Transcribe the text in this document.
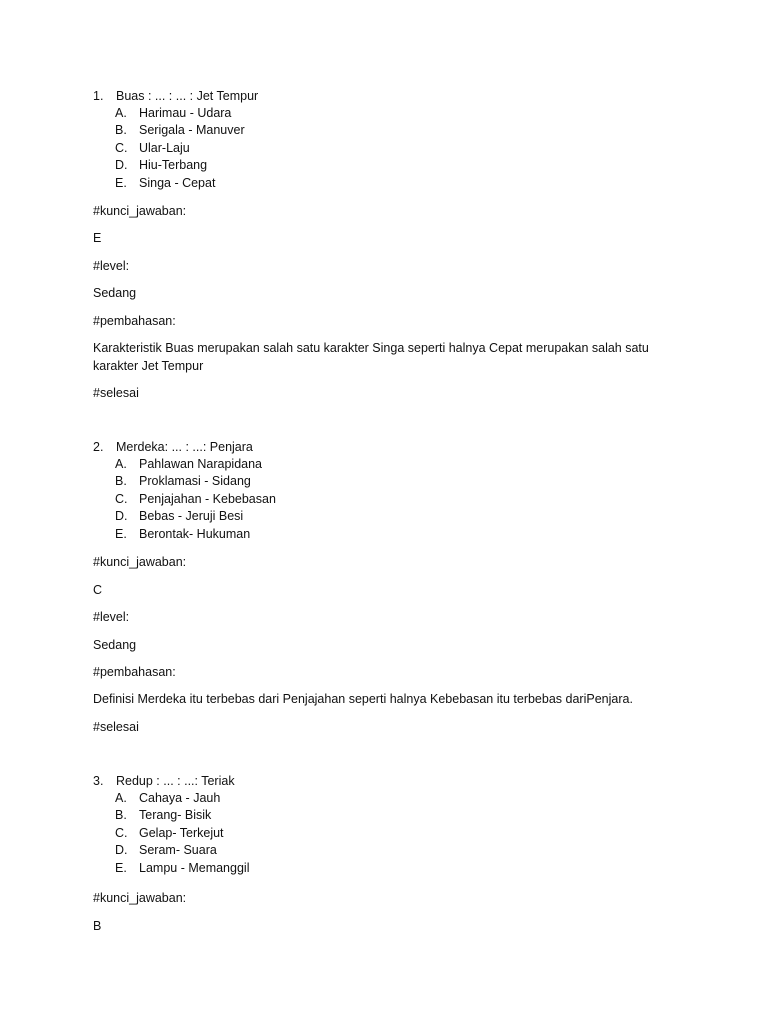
1. Buas : ... : ... : Jet Tempur
A. Harimau - Udara
B. Serigala - Manuver
C. Ular-Laju
D. Hiu-Terbang
E. Singa - Cepat
#kunci_jawaban:
E
#level:
Sedang
#pembahasan:
Karakteristik Buas merupakan salah satu karakter Singa seperti halnya Cepat merupakan salah satu karakter Jet Tempur
#selesai
2. Merdeka: ... : ...: Penjara
A. Pahlawan Narapidana
B. Proklamasi - Sidang
C. Penjajahan - Kebebasan
D. Bebas - Jeruji Besi
E. Berontak- Hukuman
#kunci_jawaban:
C
#level:
Sedang
#pembahasan:
Definisi Merdeka itu terbebas dari Penjajahan seperti halnya Kebebasan itu terbebas dariPenjara.
#selesai
3. Redup : ... : ...: Teriak
A. Cahaya - Jauh
B. Terang- Bisik
C. Gelap- Terkejut
D. Seram- Suara
E. Lampu - Memanggil
#kunci_jawaban:
B
